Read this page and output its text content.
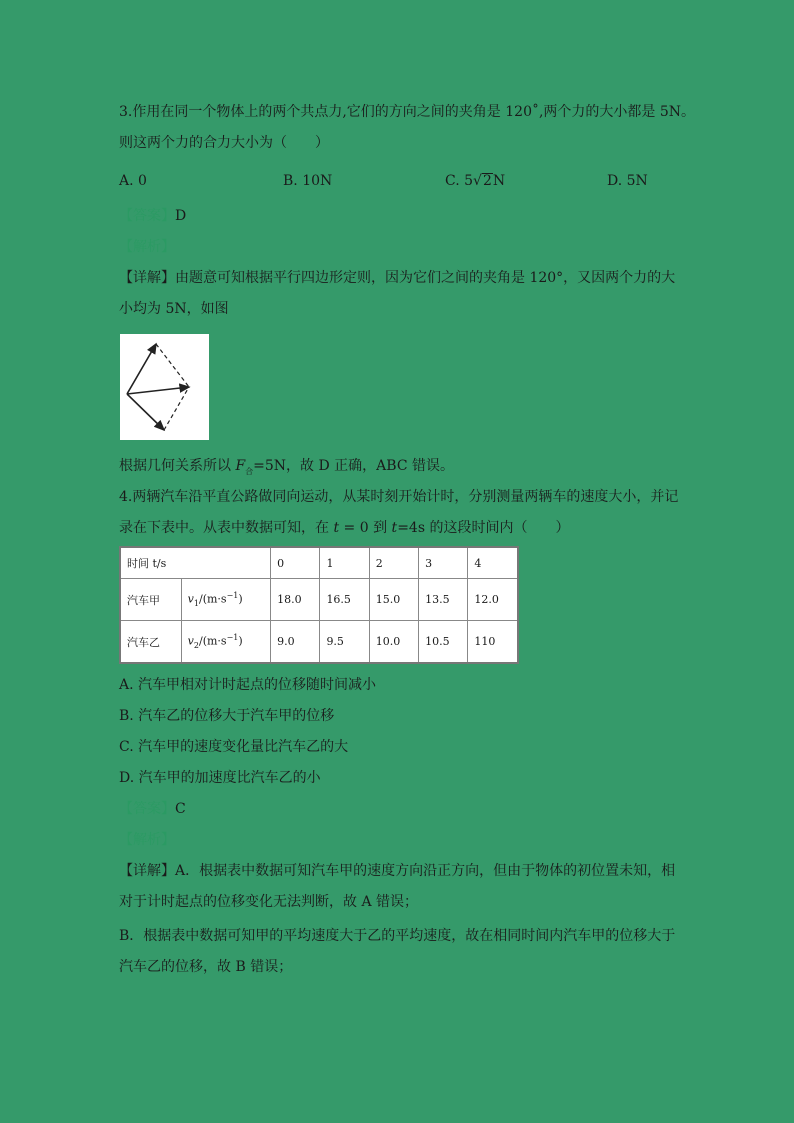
3.作用在同一个物体上的两个共点力,它们的方向之间的夹角是 120˚,两个力的大小都是 5N。
则这两个力的合力大小为（　　）
A. 0	B. 10N	C. 5√2N	D. 5N
【答案】D
【解析】
【详解】由题意可知根据平行四边形定则，因为它们之间的夹角是 120°，又因两个力的大
小均为 5N，如图
根据几何关系所以 $F_合=5N$，故 D 正确，ABC 错误。
4.两辆汽车沿平直公路做同向运动，从某时刻开始计时，分别测量两辆车的速度大小，并记
录在下表中。从表中数据可知，在 t = 0 到 t=4s 的这段时间内（　　）
时间 t/s		0	1	2	3	4
汽车甲	$v_1/(m\cdot s^{-1})$	18.0	16.5	15.0	13.5	12.0
汽车乙	$v_2/(m\cdot s^{-1})$	9.0	9.5	10.0	10.5	110
A. 汽车甲相对计时起点的位移随时间减小
B. 汽车乙的位移大于汽车甲的位移
C. 汽车甲的速度变化量比汽车乙的大
D. 汽车甲的加速度比汽车乙的小
【答案】C
【解析】
【详解】A．根据表中数据可知汽车甲的速度方向沿正方向，但由于物体的初位置未知，相
对于计时起点的位移变化无法判断，故 A 错误；
B．根据表中数据可知甲的平均速度大于乙的平均速度，故在相同时间内汽车甲的位移大于
汽车乙的位移，故 B 错误；
